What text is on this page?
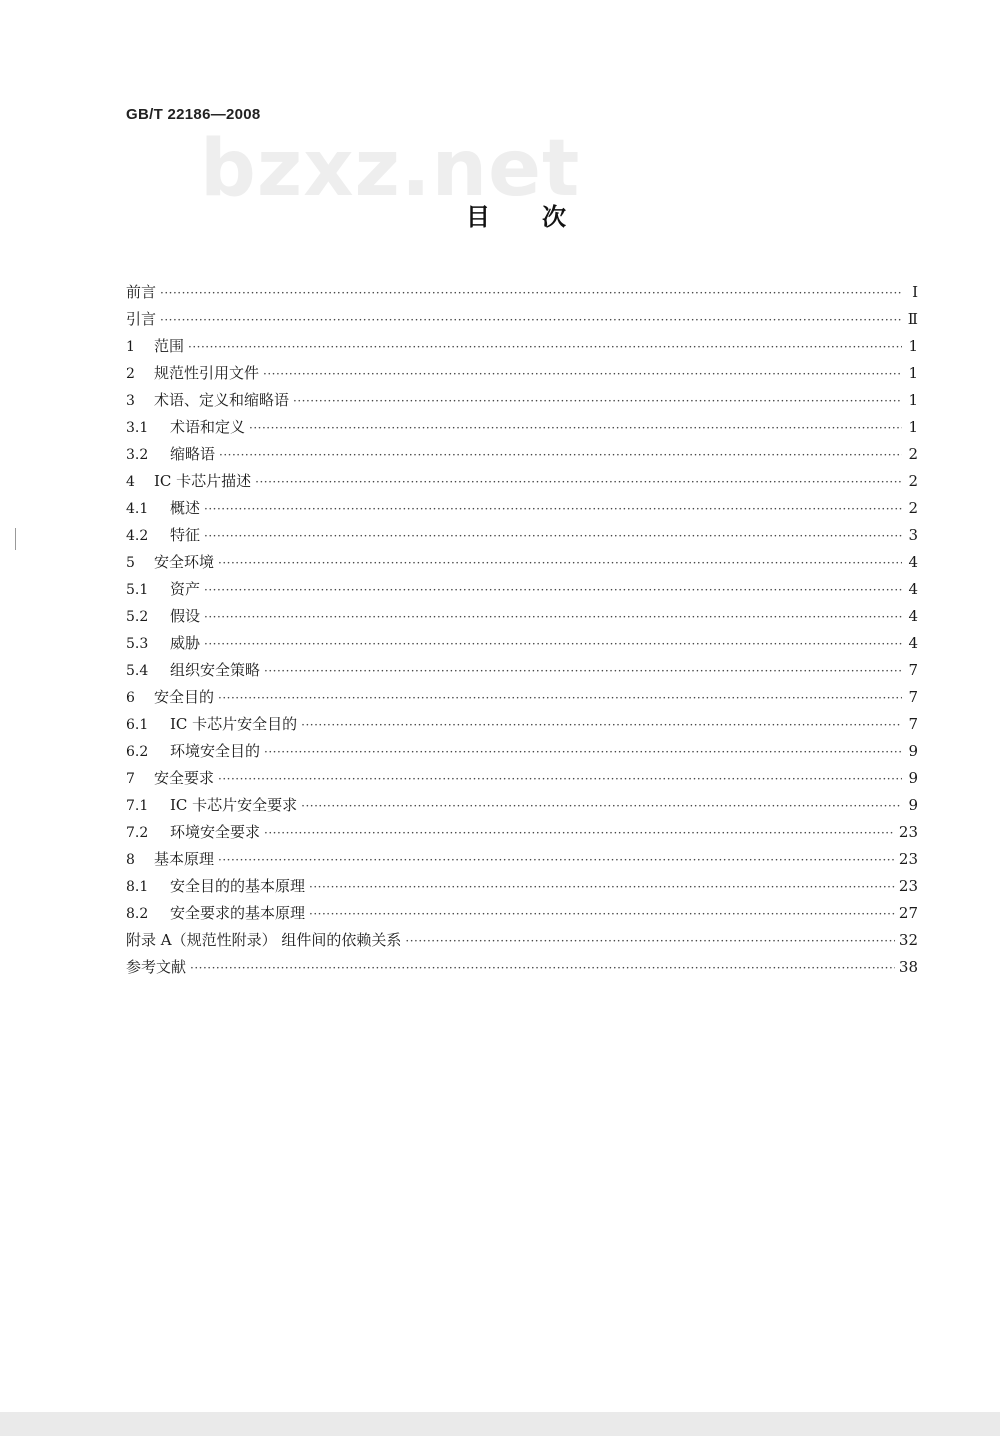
GB/T 22186—2008
bzxz.net
目次
前言 ·····	Ⅰ
引言 ·····	Ⅱ
1	范围 ·····	1
2	规范性引用文件 ·····	1
3	术语、定义和缩略语 ·····	1
3.1	术语和定义 ·····	1
3.2	缩略语 ·····	2
4	IC 卡芯片描述 ·····	2
4.1	概述 ·····	2
4.2	特征 ·····	3
5	安全环境 ·····	4
5.1	资产 ·····	4
5.2	假设 ·····	4
5.3	威胁 ·····	4
5.4	组织安全策略 ·····	7
6	安全目的 ·····	7
6.1	IC 卡芯片安全目的 ·····	7
6.2	环境安全目的 ·····	9
7	安全要求 ·····	9
7.1	IC 卡芯片安全要求 ·····	9
7.2	环境安全要求 ·····	23
8	基本原理 ·····	23
8.1	安全目的的基本原理 ·····	23
8.2	安全要求的基本原理 ·····	27
附录 A（规范性附录） 组件间的依赖关系 ·····	32
参考文献 ·····	38
